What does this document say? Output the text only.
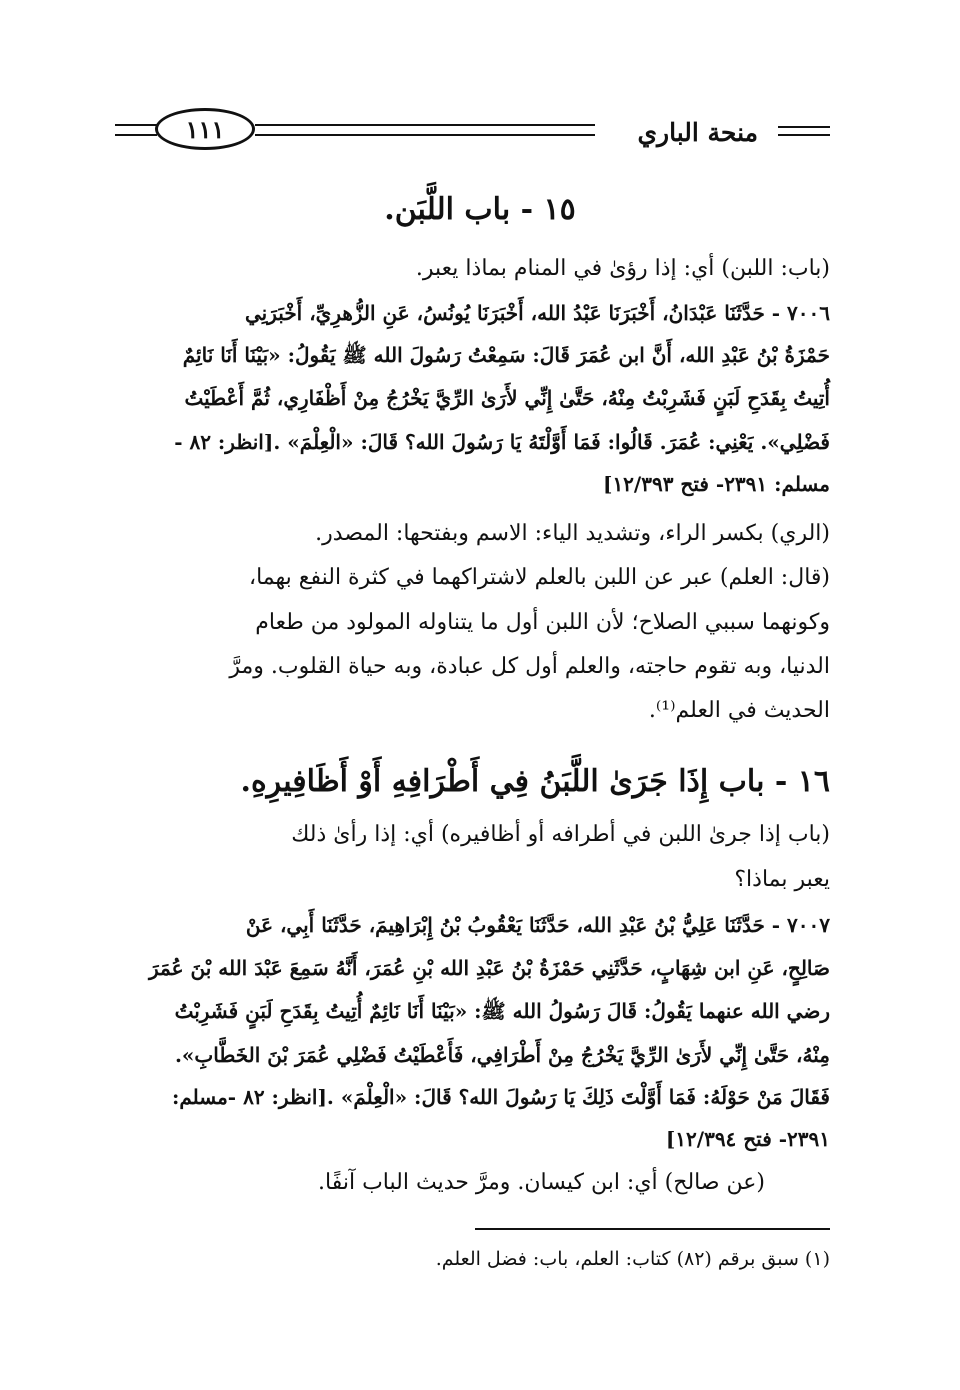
منحة الباري
١١١
١٥ - باب اللَّبَن.
(باب: اللبن) أي: إذا رؤىٰ في المنام بماذا يعبر.
٧٠٠٦ - حَدَّثَنَا عَبْدَانُ، أَخْبَرَنَا عَبْدُ الله، أَخْبَرَنَا يُونُسُ، عَنِ الزُّهرِيِّ، أَخْبَرَنِي
حَمْزَةُ بْنُ عَبْدِ الله، أَنَّ ابن عُمَرَ قَالَ: سَمِعْتُ رَسُولَ الله ﷺ يَقُولُ: «بَيْنَا أَنَا نَائِمٌ
أُتِيتُ بِقَدَحِ لَبَنٍ فَشَرِبْتُ مِنْهُ، حَتَّىٰ إِنِّي لأَرَىٰ الرِّيَّ يَخْرُجُ مِنْ أَظْفَارِي، ثُمَّ أَعْطَيْتُ
فَضْلِي». يَعْنِي: عُمَرَ. قَالُوا: فَمَا أَوَّلْتَهُ يَا رَسُولَ الله؟ قَالَ: «الْعِلْمَ» .[انظر: ٨٢ -
مسلم: ٢٣٩١- فتح ١٢/٣٩٣]
(الري) بكسر الراء، وتشديد الياء: الاسم وبفتحها: المصدر.
(قال: العلم) عبر عن اللبن بالعلم لاشتراكهما في كثرة النفع بهما،
وكونهما سببي الصلاح؛ لأن اللبن أول ما يتناوله المولود من طعام
الدنيا، وبه تقوم حاجته، والعلم أول كل عبادة، وبه حياة القلوب. ومرَّ
الحديث في العلم⁽¹⁾.
١٦ - باب إِذَا جَرَىٰ اللَّبَنُ فِي أَطْرَافِهِ أَوْ أَظَافِيرِهِ.
(باب إذا جرىٰ اللبن في أطرافه أو أظافيره) أي: إذا رأىٰ ذلك
يعبر بماذا؟
٧٠٠٧ - حَدَّثَنَا عَلِيُّ بْنُ عَبْدِ الله، حَدَّثَنَا يَعْقُوبُ بْنُ إِبْرَاهِيمَ، حَدَّثَنَا أَبِي، عَنْ
صَالِحٍ، عَنِ ابن شِهَابٍ، حَدَّثَنِي حَمْزَةُ بْنُ عَبْدِ الله بْنِ عُمَرَ، أَنَّهُ سَمِعَ عَبْدَ الله بْنَ عُمَرَ
رضي الله عنهما يَقُولُ: قَالَ رَسُولُ الله ﷺ: «بَيْنَا أَنَا نَائِمٌ أُتِيتُ بِقَدَحِ لَبَنٍ فَشَرِبْتُ
مِنْهُ، حَتَّىٰ إِنِّي لأَرَىٰ الرِّيَّ يَخْرُجُ مِنْ أَطْرَافِي، فَأَعْطَيْتُ فَضْلِي عُمَرَ بْنَ الخَطَّابِ».
فَقَالَ مَنْ حَوْلَهُ: فَمَا أَوَّلْتَ ذَلِكَ يَا رَسُولَ الله؟ قَالَ: «الْعِلْمَ» .[انظر: ٨٢ -مسلم:
٢٣٩١- فتح ١٢/٣٩٤]
(عن صالح) أي: ابن كيسان. ومرَّ حديث الباب آنفًا.
(١) سبق برقم (٨٢) كتاب: العلم، باب: فضل العلم.
